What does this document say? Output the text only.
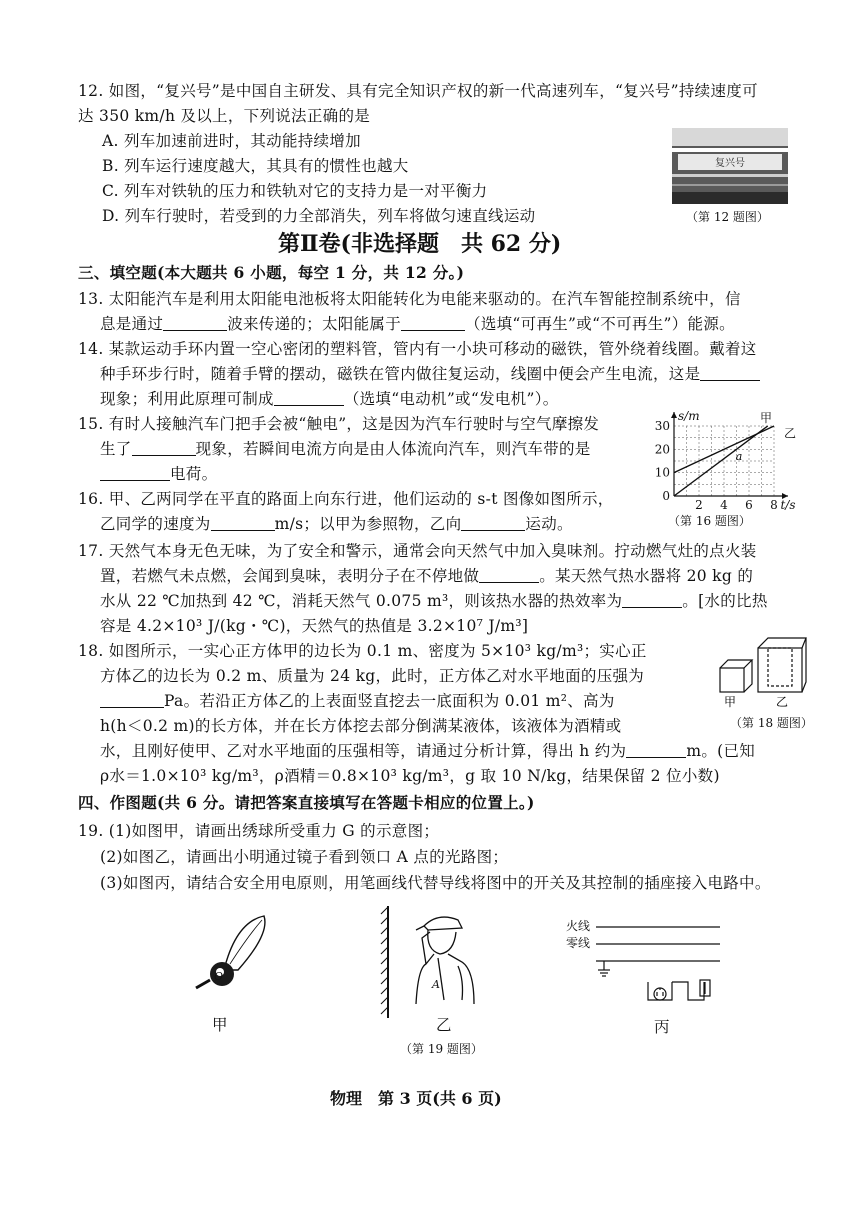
12. 如图，“复兴号”是中国自主研发、具有完全知识产权的新一代高速列车，“复兴号”持续速度可
达 350 km/h 及以上，下列说法正确的是
A. 列车加速前进时，其动能持续增加
B. 列车运行速度越大，其具有的惯性也越大
C. 列车对铁轨的压力和铁轨对它的支持力是一对平衡力
D. 列车行驶时，若受到的力全部消失，列车将做匀速直线运动
复兴号
（第 12 题图）
第Ⅱ卷(非选择题　共 62 分)
三、填空题(本大题共 6 小题，每空 1 分，共 12 分。)
13. 太阳能汽车是利用太阳能电池板将太阳能转化为电能来驱动的。在汽车智能控制系统中，信
息是通过	波来传递的；太阳能属于	（选填“可再生”或“不可再生”）能源。
14. 某款运动手环内置一空心密闭的塑料管，管内有一小块可移动的磁铁，管外绕着线圈。戴着这
种手环步行时，随着手臂的摆动，磁铁在管内做往复运动，线圈中便会产生电流，这是
现象；利用此原理可制成	（选填“电动机”或“发电机”）。
15. 有时人接触汽车门把手会被“触电”，这是因为汽车行驶时与空气摩擦发
生了	现象，若瞬间电流方向是由人体流向汽车，则汽车带的是
电荷。
16. 甲、乙两同学在平直的路面上向东行进，他们运动的 s-t 图像如图所示，
乙同学的速度为	m/s；以甲为参照物，乙向	运动。
2 4 6 8
10
20
30
0
t/s
s/m	甲
乙
a
（第 16 题图）
17. 天然气本身无色无味，为了安全和警示，通常会向天然气中加入臭味剂。拧动燃气灶的点火装
置，若燃气未点燃，会闻到臭味，表明分子在不停地做	。某天然气热水器将 20 kg 的
水从 22 ℃加热到 42 ℃，消耗天然气 0.075 m³，则该热水器的热效率为	。[水的比热
容是 4.2×10³ J/(kg・℃)，天然气的热值是 3.2×10⁷ J/m³]
18. 如图所示，一实心正方体甲的边长为 0.1 m、密度为 5×10³ kg/m³；实心正
方体乙的边长为 0.2 m、质量为 24 kg，此时，正方体乙对水平地面的压强为
Pa。若沿正方体乙的上表面竖直挖去一底面积为 0.01 m²、高为
h(h＜0.2 m)的长方体，并在长方体挖去部分倒满某液体，该液体为酒精或
水，且刚好使甲、乙对水平地面的压强相等，请通过分析计算，得出 h 约为	m。(已知
ρ水＝1.0×10³ kg/m³，ρ酒精＝0.8×10³ kg/m³，g 取 10 N/kg，结果保留 2 位小数)
甲	乙
（第 18 题图）
四、作图题(共 6 分。请把答案直接填写在答题卡相应的位置上。)
19. (1)如图甲，请画出绣球所受重力 G 的示意图；
(2)如图乙，请画出小明通过镜子看到领口 A 点的光路图；
(3)如图丙，请结合安全用电原则，用笔画线代替导线将图中的开关及其控制的插座接入电路中。
O
甲
A
乙
火线
零线
丙
（第 19 题图）
物理　第 3 页(共 6 页)
